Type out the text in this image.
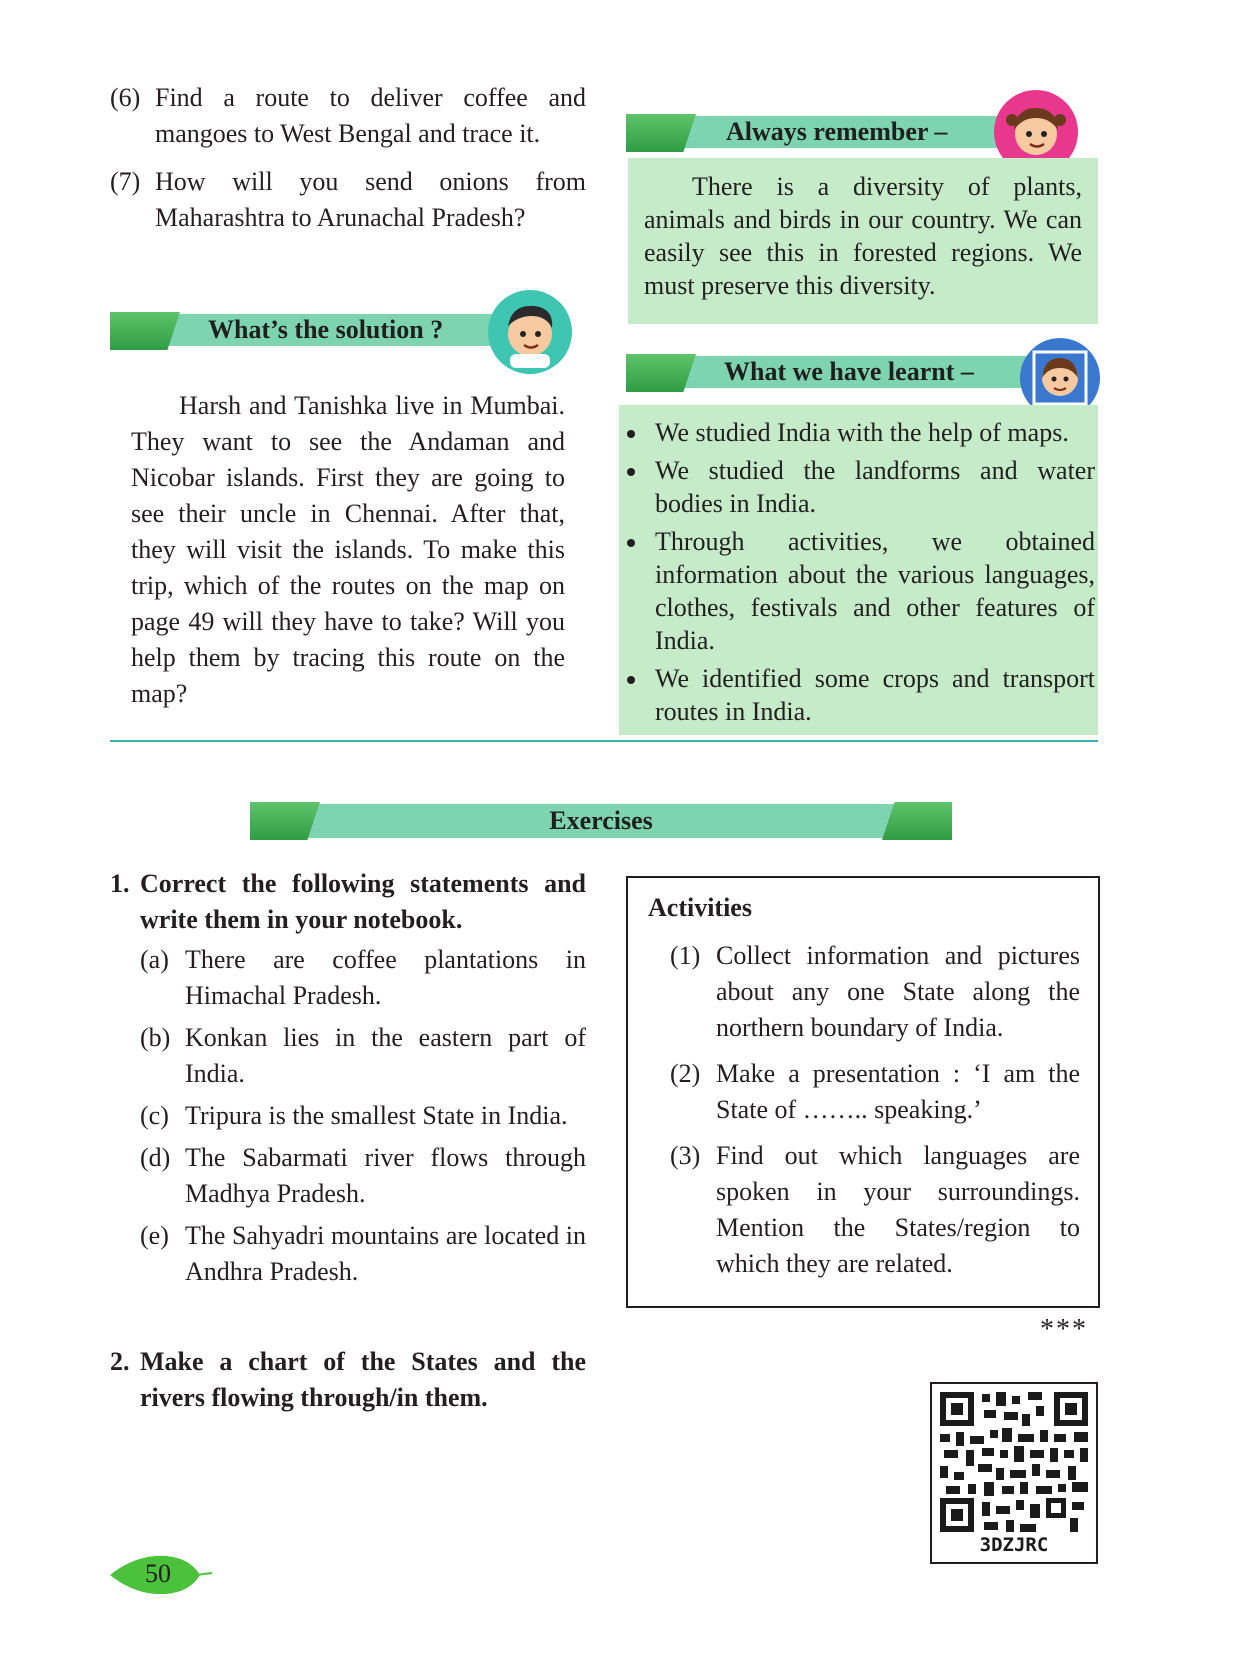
(6) Find a route to deliver coffee and mangoes to West Bengal and trace it.
(7) How will you send onions from Maharashtra to Arunachal Pradesh?
What’s the solution ?
Harsh and Tanishka live in Mumbai. They want to see the Andaman and Nicobar islands. First they are going to see their uncle in Chennai. After that, they will visit the islands. To make this trip, which of the routes on the map on page 49 will they have to take? Will you help them by tracing this route on the map?
Always remember –
There is a diversity of plants, animals and birds in our country. We can easily see this in forested regions. We must preserve this diversity.
What we have learnt –
We studied India with the help of maps.
We studied the landforms and water bodies in India.
Through activities, we obtained information about the various languages, clothes, festivals and other features of India.
We identified some crops and transport routes in India.
Exercises
1. Correct the following statements and write them in your notebook.
(a) There are coffee plantations in Himachal Pradesh.
(b) Konkan lies in the eastern part of India.
(c) Tripura is the smallest State in India.
(d) The Sabarmati river flows through Madhya Pradesh.
(e) The Sahyadri mountains are located in Andhra Pradesh.
2. Make a chart of the States and the rivers flowing through/in them.
Activities
(1) Collect information and pictures about any one State along the northern boundary of India.
(2) Make a presentation : ‘I am the State of …….. speaking.’
(3) Find out which languages are spoken in your surroundings. Mention the States/region to which they are related.
***
3DZJRC
50
